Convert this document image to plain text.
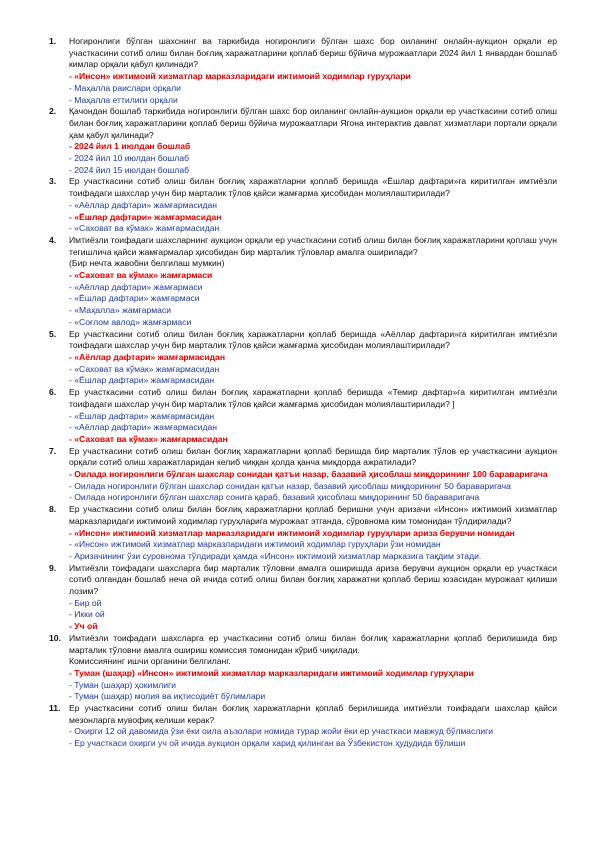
1. Ногиронлиги бўлган шахснинг ва таркибида ногиронлиги бўлган шахс бор оиланинг онлайн-аукцион орқали ер участкасини сотиб олиш билан боғлиқ харажатларини қоплаб бериш бўйича мурожаатлари 2024 йил 1 январдан бошлаб кимлар орқали қабул қилинади?
- «Инсон» ижтимоий хизматлар марказларидаги ижтимоий ходимлар гуруҳлари
- Маҳалла раислари орқали
- Маҳалла еттилиги орқали
2. Қачондан бошлаб таркибида ногиронлиги бўлган шахс бор оиланинг онлайн-аукцион орқали ер участкасини сотиб олиш билан боғлиқ харажатларини қоплаб бериш бўйича мурожаатлари Ягона интерактив давлат хизматлари портали орқали ҳам қабул қилинади?
- 2024 йил 1 июлдан бошлаб
- 2024 йил 10 июлдан бошлаб
- 2024 йил 15 июлдан бошлаб
3. Ер участкасини сотиб олиш билан боғлиқ харажатларни қоплаб беришда «Ёшлар дафтари»га киритилган имтиёзли тоифадаги шахслар учун бир марталик тўлов қайси жамғарма ҳисобидан молиялаштирилади?
- «Аёллар дафтари» жамғармасидан
- «Ёшлар дафтари» жамғармасидан
- «Саховат ва кўмак» жамғармасидан
4. Имтиёзли тоифадаги шахсларнинг аукцион орқали ер участкасини сотиб олиш билан боғлиқ харажатларини қоплаш учун тегишлича қайси жамғармалар ҳисобидан бир марталик тўловлар амалга оширилади?
(Бир нечта жавобни белгилаш мумкин)
- «Саховат ва кўмак» жамғармаси
- «Аёллар дафтари» жамғармаси
- «Ёшлар дафтари» жамғармаси
- «Маҳалла» жамғармаси
- «Соғлом авлод» жамғармаси
5. Ер участкасини сотиб олиш билан боғлиқ харажатларни қоплаб беришда «Аёллар дафтари»га киритилган имтиёзли тоифадаги шахслар учун бир марталик тўлов қайси жамғарма ҳисобидан молиялаштирилади?
- «Аёллар дафтари» жамғармасидан
- «Саховат ва кўмак» жамғармасидан
- «Ёшлар дафтари» жамғармасидан
6. Ер участкасини сотиб олиш билан боғлиқ харажатларни қоплаб беришда «Темир дафтар»га киритилган имтиёзли тоифадаги шахслар учун бир марталик тўлов қайси жамғарма ҳисобидан молиялаштирилади? ]
- «Ёшлар дафтари» жамғармасидан
- «Аёллар дафтари» жамғармасидан
- «Саховат ва кўмак» жамғармасидан
7. Ер участкасини сотиб олиш билан боғлиқ харажатларни қоплаб беришда бир марталик тўлов ер участкасини аукцион орқали сотиб олиш харажатларидан келиб чиққан ҳолда қанча миқдорда ажратилади?
- Оилада ногиронлиги бўлган шахслар сонидан қатъи назар, базавий ҳисоблаш миқдорининг 100 бараваригача
- Оилада ногиронлиги бўлган шахслар сонидан қатъи назар, базавий ҳисоблаш миқдорининг 50 бараваригача
- Оилада ногиронлиги бўлган шахслар сонига қараб, базавий ҳисоблаш миқдорининг 50 бараваригача
8. Ер участкасини сотиб олиш билан боғлиқ харажатларни қоплаб беришни учун аризачи «Инсон» ижтимоий хизматлар марказларидаги ижтимоий ходимлар гуруҳларига мурожаат этганда, сўровнома ким томонидан тўлдирилади?
- «Инсон» ижтимоий хизматлар марказларидаги ижтимоий ходимлар гуруҳлари ариза берувчи номидан
- «Инсон» ижтимоий хизматлар марказларидаги ижтимоий ходимлар гуруҳлари ўзи номидан
- Аризачининг ўзи суровнома тўлдиради ҳамда «Инсон» ижтимоий хизматлар марказига тақдим этади.
9. Имтиёзли тоифадаги шахсларга бир марталик тўловни амалга оширишда ариза берувчи аукцион орқали ер участкаси сотиб олгандан бошлаб неча ой ичида сотиб олиш билан боғлиқ харажатни қоплаб бериш юзасидан мурожаат қилиши лозим?
- Бир ой
- Икки ой
- Уч ой
10. Имтиёзли тоифадаги шахсларга ер участкасини сотиб олиш билан боғлиқ харажатларни қоплаб берилишида бир марталик тўловни амалга ошириш комиссия томонидан кўриб чиқилади.
Комиссиянинг ишчи органини белгиланг.
- Туман (шаҳар) «Инсон» ижтимоий хизматлар марказларидаги ижтимоий ходимлар гуруҳлари
- Туман (шаҳар) ҳокимлиги
- Туман (шаҳар) молия ва иқтисодиёт бўлимлари
11. Ер участкасини сотиб олиш билан боғлиқ харажатларни қоплаб берилишида имтиёзли тоифадаги шахслар қайси мезонларга мувофиқ келиши керак?
- Охирги 12 ой давомида ўзи ёки оила аъзолари номида турар жойи ёки ер участкаси мавжуд бўлмаслиги
- Ер участкаси охирги уч ой ичида аукцион орқали харид қилинган ва Ўзбекистон ҳудудида бўлиши
